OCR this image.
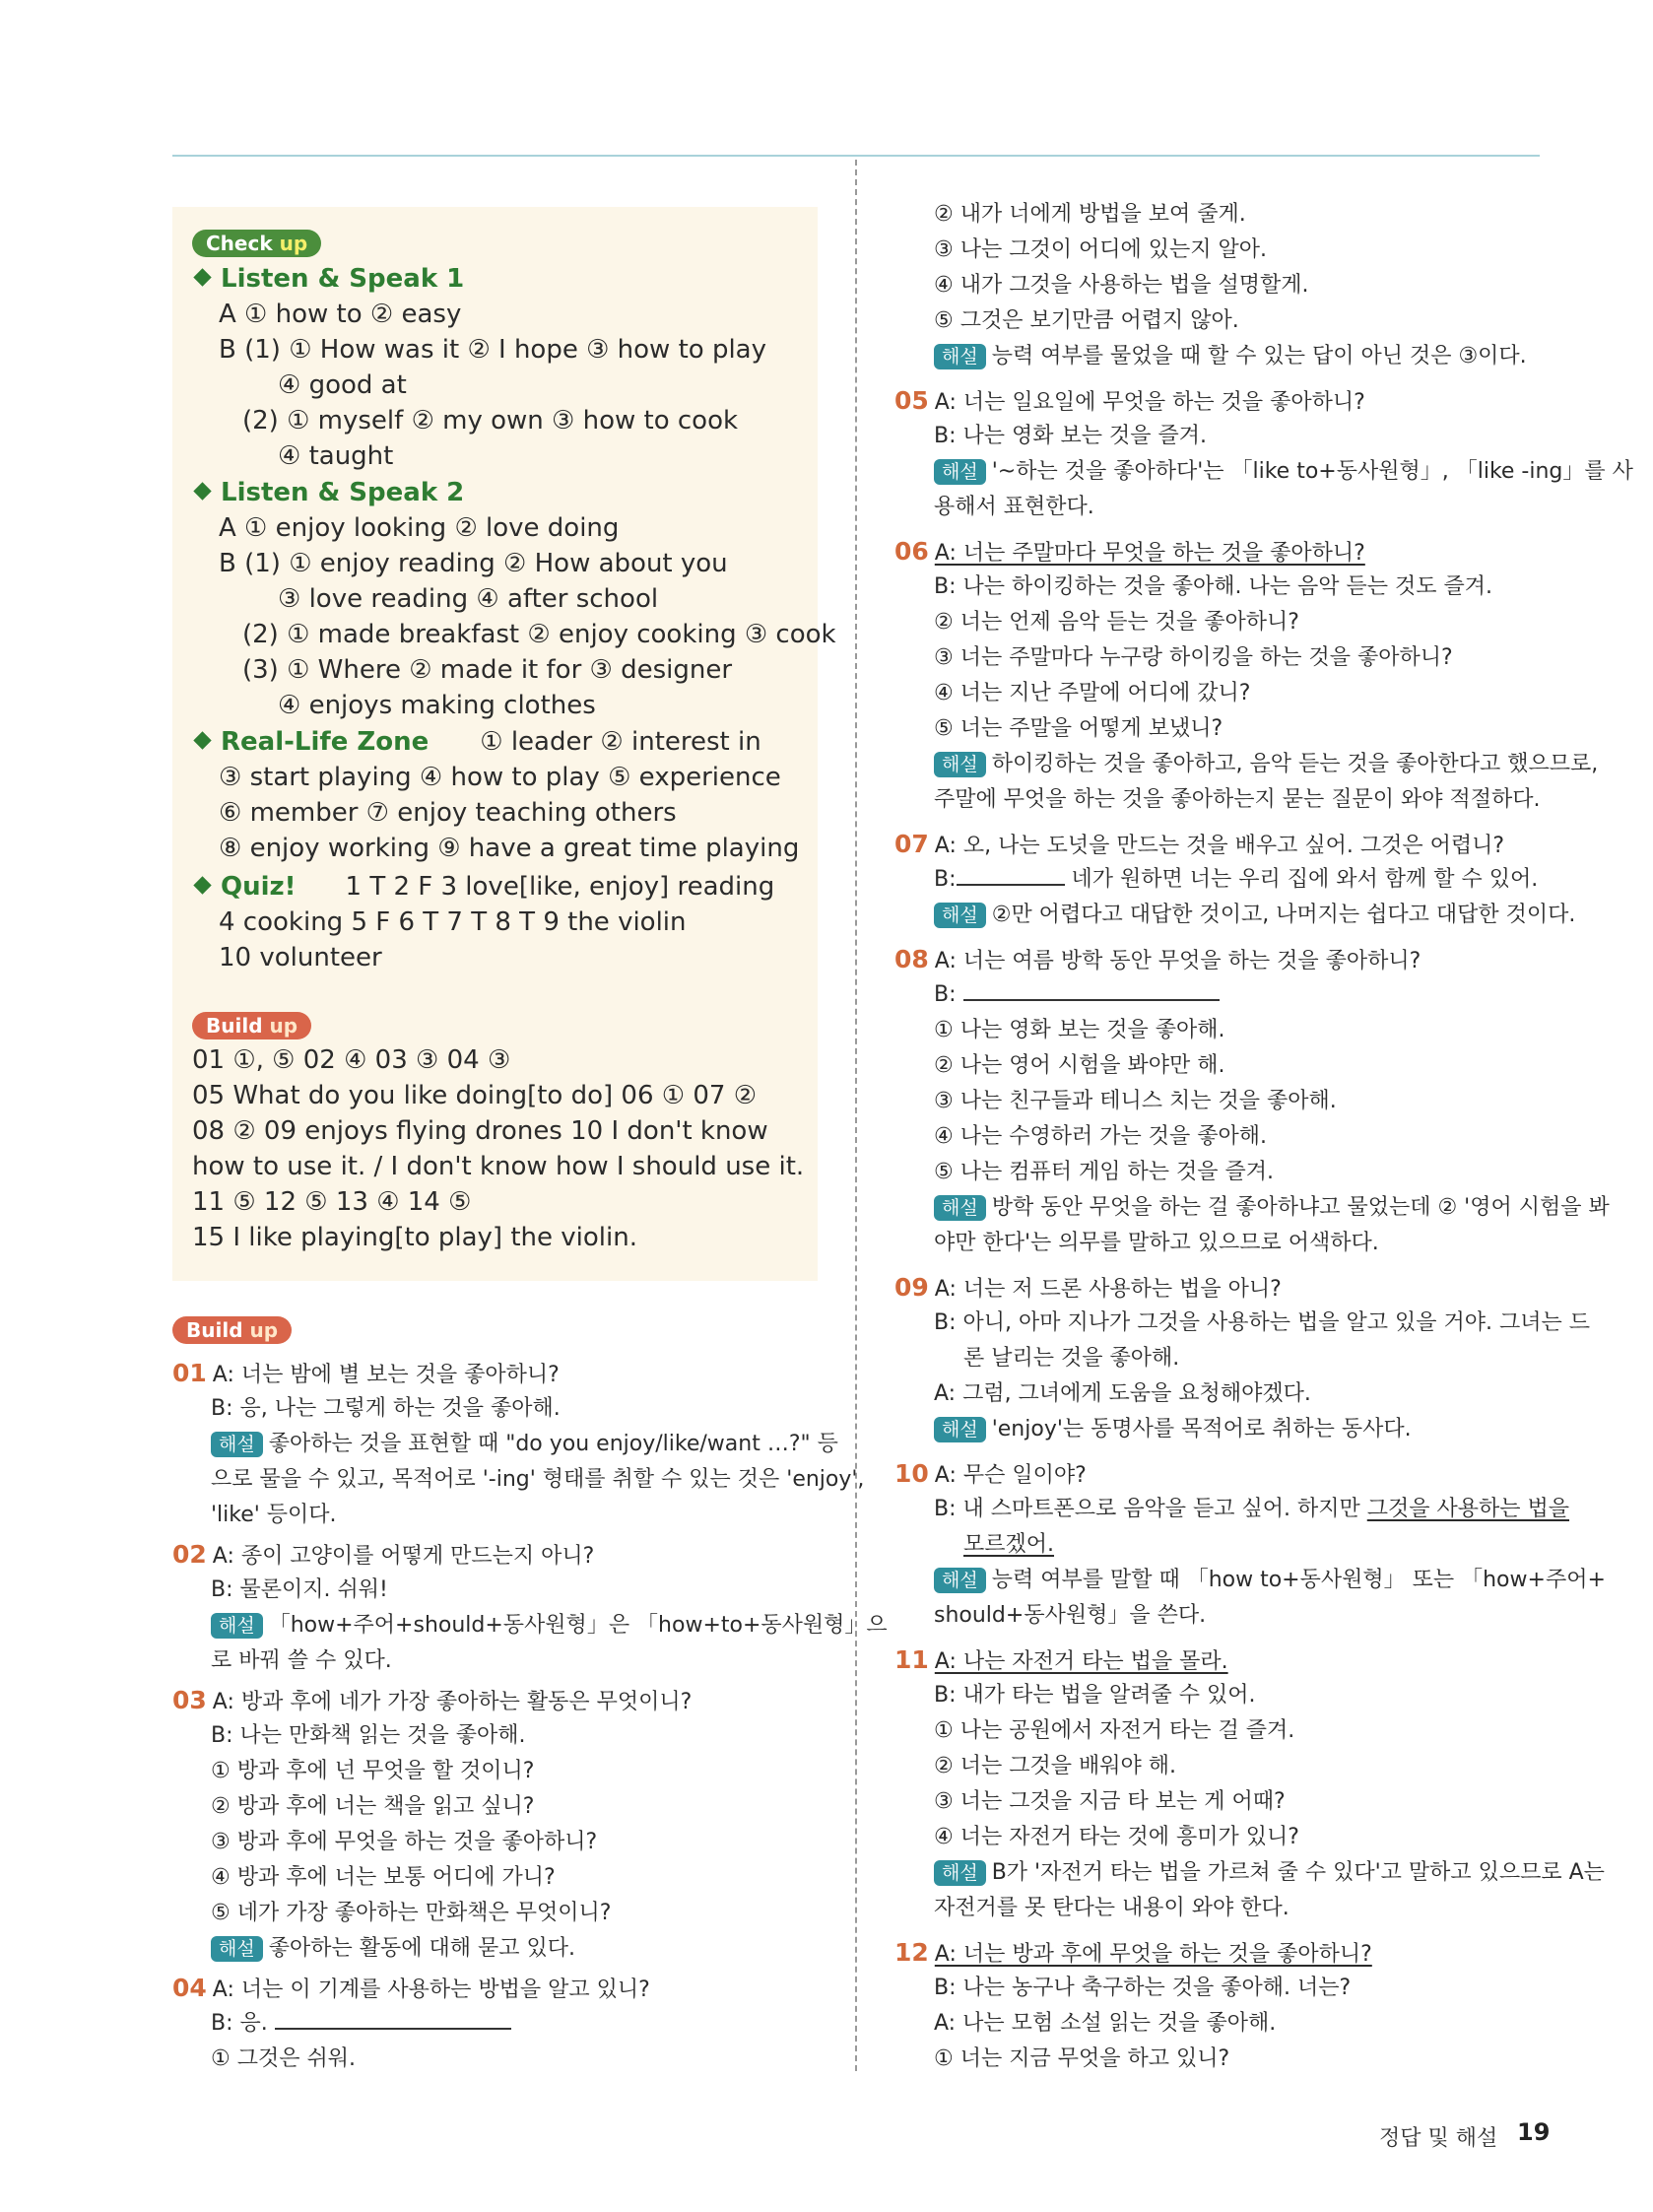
Check up
Listen & Speak 1
A ① how to ② easy
B (1) ① How was it ② I hope ③ how to play
④ good at
(2) ① myself ② my own ③ how to cook
④ taught
Listen & Speak 2
A ① enjoy looking ② love doing
B (1) ① enjoy reading ② How about you
③ love reading ④ after school
(2) ① made breakfast ② enjoy cooking ③ cook
(3) ① Where ② made it for ③ designer
④ enjoys making clothes
Real-Life Zone ① leader ② interest in
③ start playing ④ how to play ⑤ experience
⑥ member ⑦ enjoy teaching others
⑧ enjoy working ⑨ have a great time playing
Quiz! 1 T 2 F 3 love[like, enjoy] reading
4 cooking 5 F 6 T 7 T 8 T 9 the violin
10 volunteer
Build up
01 ①, ⑤ 02 ④ 03 ③ 04 ③
05 What do you like doing[to do] 06 ① 07 ②
08 ② 09 enjoys flying drones 10 I don't know
how to use it. / I don't know how I should use it.
11 ⑤ 12 ⑤ 13 ④ 14 ⑤
15 I like playing[to play] the violin.
Build up
01 A: 너는 밤에 별 보는 것을 좋아하니?
B: 응, 나는 그렇게 하는 것을 좋아해.
해설 좋아하는 것을 표현할 때 "do you enjoy/like/want …?" 등
으로 물을 수 있고, 목적어로 '-ing' 형태를 취할 수 있는 것은 'enjoy',
'like' 등이다.
02 A: 종이 고양이를 어떻게 만드는지 아니?
B: 물론이지. 쉬워!
해설 「how+주어+should+동사원형」은 「how+to+동사원형」으
로 바꿔 쓸 수 있다.
03 A: 방과 후에 네가 가장 좋아하는 활동은 무엇이니?
B: 나는 만화책 읽는 것을 좋아해.
① 방과 후에 넌 무엇을 할 것이니?
② 방과 후에 너는 책을 읽고 싶니?
③ 방과 후에 무엇을 하는 것을 좋아하니?
④ 방과 후에 너는 보통 어디에 가니?
⑤ 네가 가장 좋아하는 만화책은 무엇이니?
해설 좋아하는 활동에 대해 묻고 있다.
04 A: 너는 이 기계를 사용하는 방법을 알고 있니?
B: 응.
① 그것은 쉬워.
② 내가 너에게 방법을 보여 줄게.
③ 나는 그것이 어디에 있는지 알아.
④ 내가 그것을 사용하는 법을 설명할게.
⑤ 그것은 보기만큼 어렵지 않아.
해설 능력 여부를 물었을 때 할 수 있는 답이 아닌 것은 ③이다.
05 A: 너는 일요일에 무엇을 하는 것을 좋아하니?
B: 나는 영화 보는 것을 즐겨.
해설 '~하는 것을 좋아하다'는 「like to+동사원형」, 「like -ing」를 사
용해서 표현한다.
06 A: 너는 주말마다 무엇을 하는 것을 좋아하니?
B: 나는 하이킹하는 것을 좋아해. 나는 음악 듣는 것도 즐겨.
② 너는 언제 음악 듣는 것을 좋아하니?
③ 너는 주말마다 누구랑 하이킹을 하는 것을 좋아하니?
④ 너는 지난 주말에 어디에 갔니?
⑤ 너는 주말을 어떻게 보냈니?
해설 하이킹하는 것을 좋아하고, 음악 듣는 것을 좋아한다고 했으므로,
주말에 무엇을 하는 것을 좋아하는지 묻는 질문이 와야 적절하다.
07 A: 오, 나는 도넛을 만드는 것을 배우고 싶어. 그것은 어렵니?
B:	네가 원하면 너는 우리 집에 와서 함께 할 수 있어.
해설 ②만 어렵다고 대답한 것이고, 나머지는 쉽다고 대답한 것이다.
08 A: 너는 여름 방학 동안 무엇을 하는 것을 좋아하니?
B:
① 나는 영화 보는 것을 좋아해.
② 나는 영어 시험을 봐야만 해.
③ 나는 친구들과 테니스 치는 것을 좋아해.
④ 나는 수영하러 가는 것을 좋아해.
⑤ 나는 컴퓨터 게임 하는 것을 즐겨.
해설 방학 동안 무엇을 하는 걸 좋아하냐고 물었는데 ② '영어 시험을 봐
야만 한다'는 의무를 말하고 있으므로 어색하다.
09 A: 너는 저 드론 사용하는 법을 아니?
B: 아니, 아마 지나가 그것을 사용하는 법을 알고 있을 거야. 그녀는 드
론 날리는 것을 좋아해.
A: 그럼, 그녀에게 도움을 요청해야겠다.
해설 'enjoy'는 동명사를 목적어로 취하는 동사다.
10 A: 무슨 일이야?
B: 내 스마트폰으로 음악을 듣고 싶어. 하지만 그것을 사용하는 법을
모르겠어.
해설 능력 여부를 말할 때 「how to+동사원형」 또는 「how+주어+
should+동사원형」을 쓴다.
11 A: 나는 자전거 타는 법을 몰라.
B: 내가 타는 법을 알려줄 수 있어.
① 나는 공원에서 자전거 타는 걸 즐겨.
② 너는 그것을 배워야 해.
③ 너는 그것을 지금 타 보는 게 어때?
④ 너는 자전거 타는 것에 흥미가 있니?
해설 B가 '자전거 타는 법을 가르쳐 줄 수 있다'고 말하고 있으므로 A는
자전거를 못 탄다는 내용이 와야 한다.
12 A: 너는 방과 후에 무엇을 하는 것을 좋아하니?
B: 나는 농구나 축구하는 것을 좋아해. 너는?
A: 나는 모험 소설 읽는 것을 좋아해.
① 너는 지금 무엇을 하고 있니?
정답 및 해설 19
